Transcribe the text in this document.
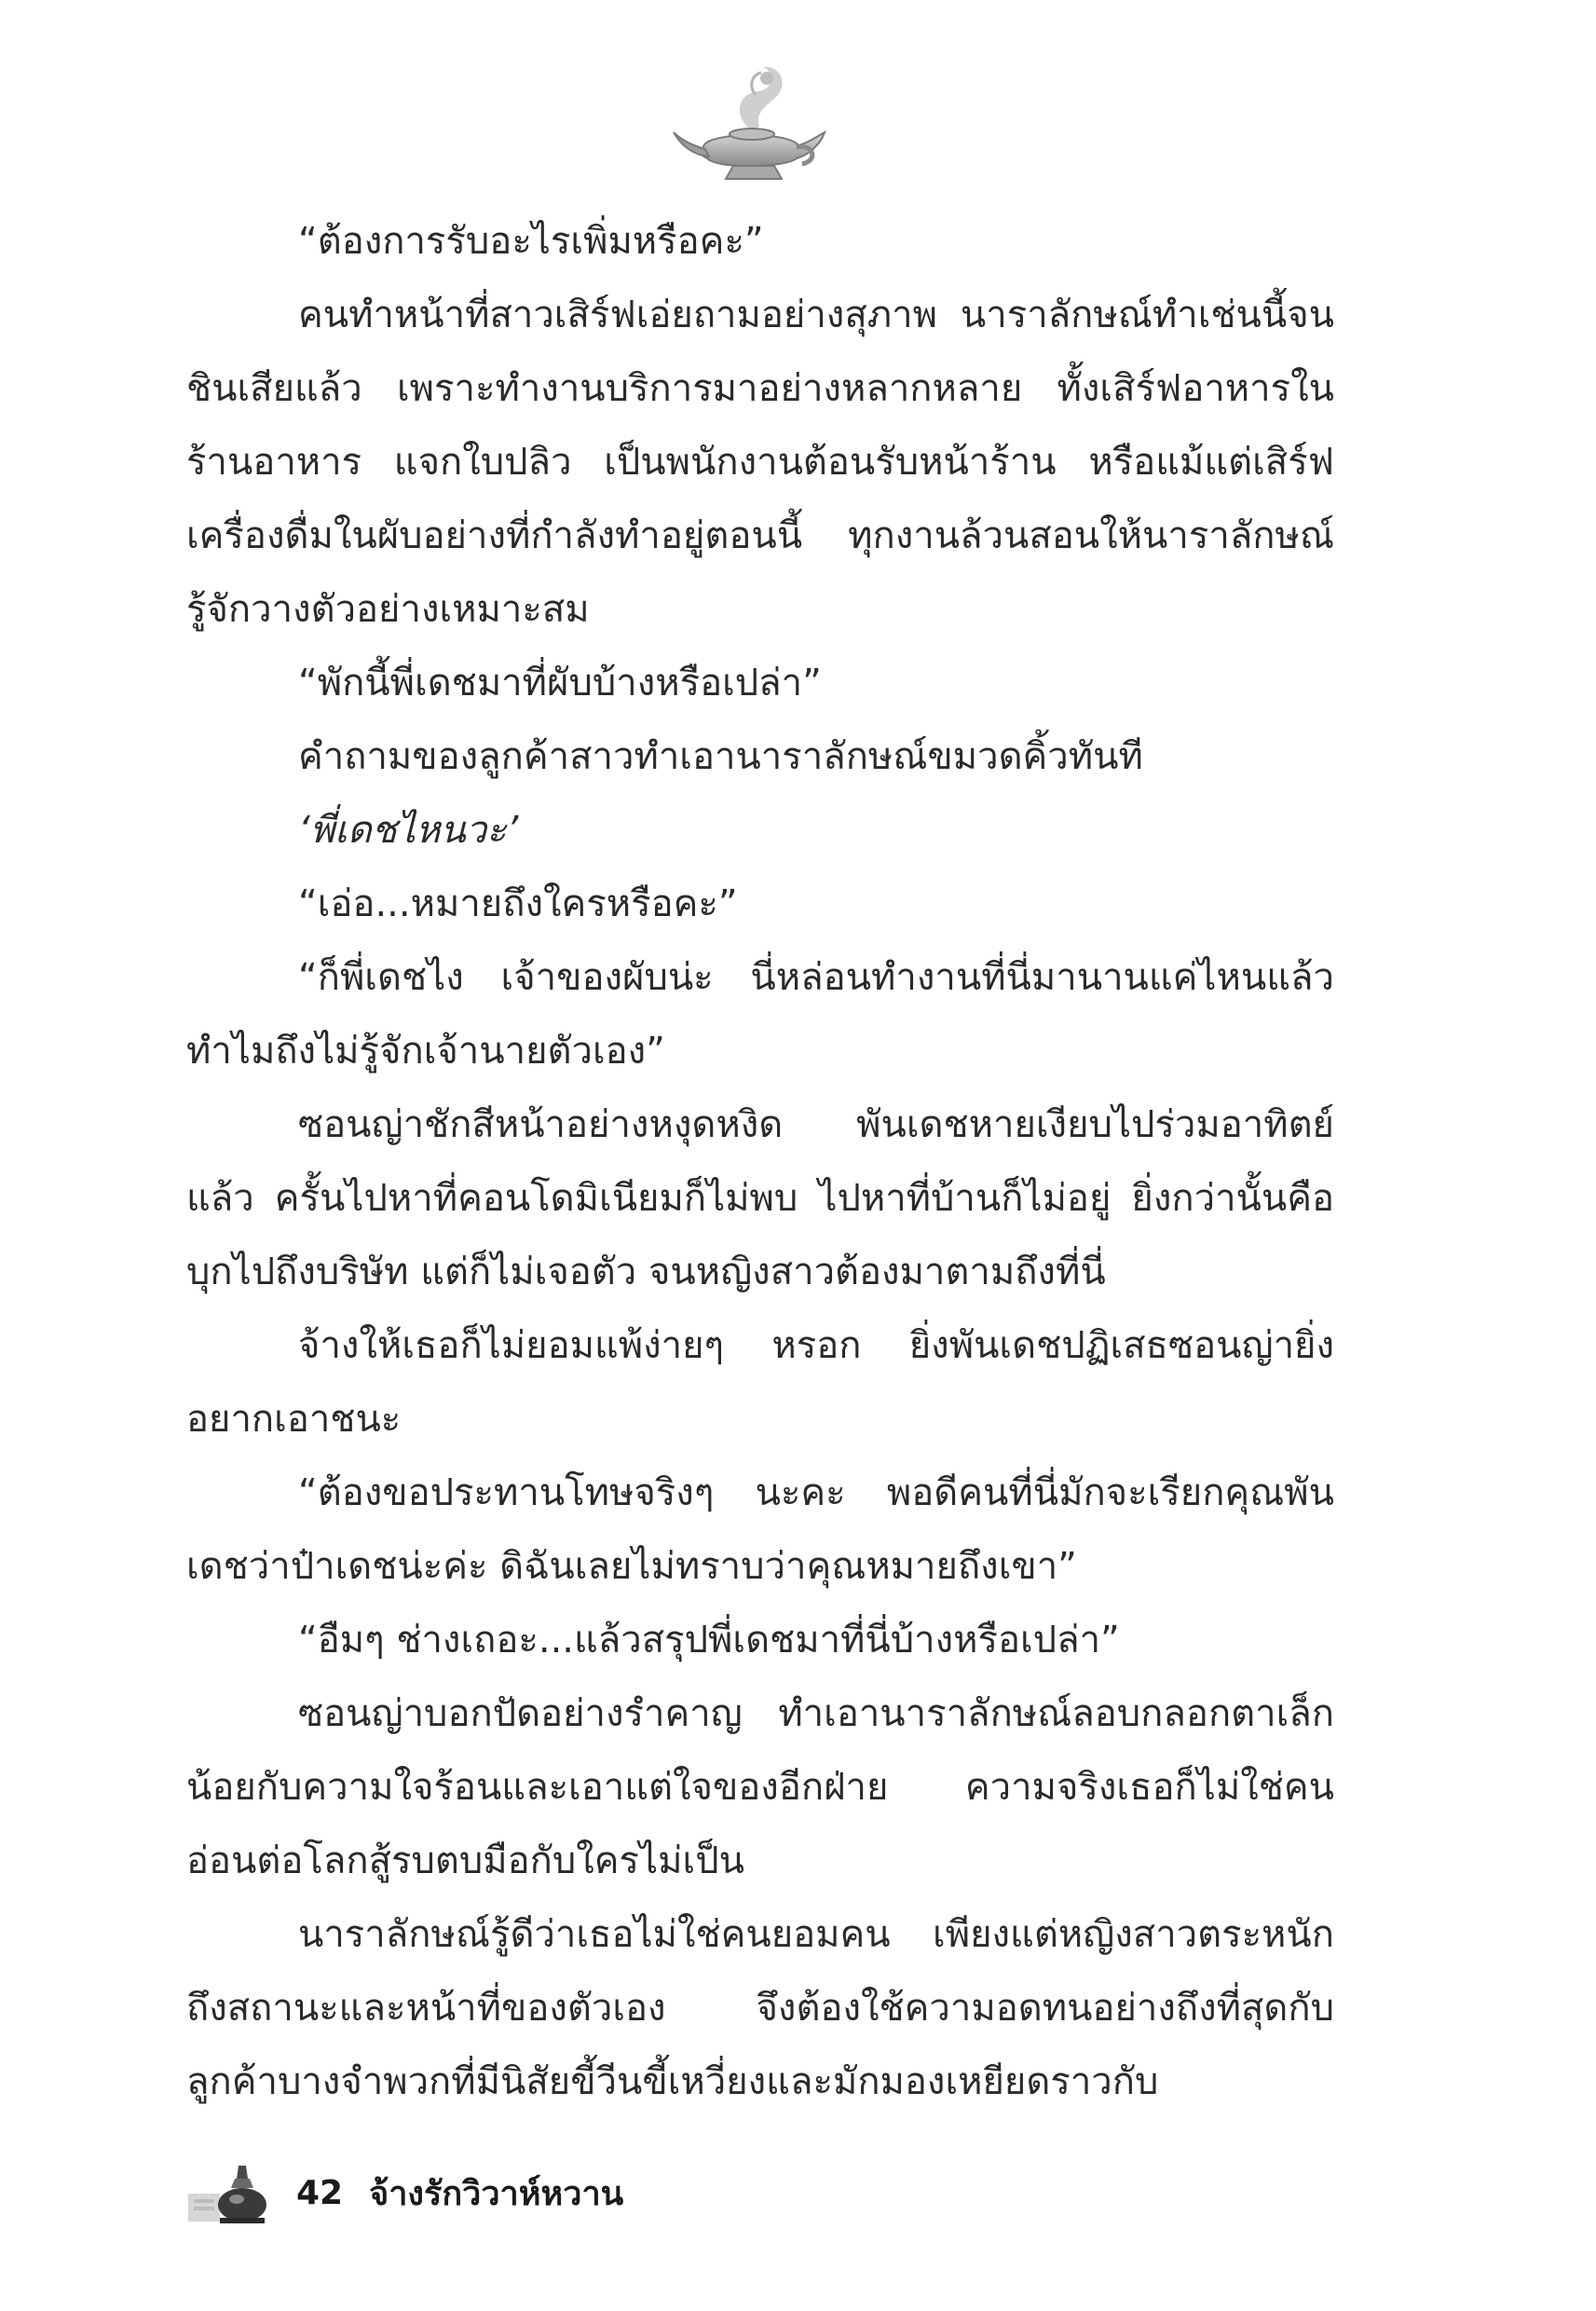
“ต้องการรับอะไรเพิ่มหรือคะ”

คนทำหน้าที่สาวเสิร์ฟเอ่ยถามอย่างสุภาพ นาราลักษณ์ทำเช่นนี้จนชินเสียแล้ว เพราะทำงานบริการมาอย่างหลากหลาย ทั้งเสิร์ฟอาหารในร้านอาหาร แจกใบปลิว เป็นพนักงานต้อนรับหน้าร้าน หรือแม้แต่เสิร์ฟเครื่องดื่มในผับอย่างที่กำลังทำอยู่ตอนนี้ ทุกงานล้วนสอนให้นาราลักษณ์รู้จักวางตัวอย่างเหมาะสม

“พักนี้พี่เดชมาที่ผับบ้างหรือเปล่า”

คำถามของลูกค้าสาวทำเอานาราลักษณ์ขมวดคิ้วทันที

‘พี่เดชไหนวะ’

“เอ่อ...หมายถึงใครหรือคะ”

“ก็พี่เดชไง เจ้าของผับน่ะ นี่หล่อนทำงานที่นี่มานานแค่ไหนแล้วทำไมถึงไม่รู้จักเจ้านายตัวเอง”

ซอนญ่าชักสีหน้าอย่างหงุดหงิด พันเดชหายเงียบไปร่วมอาทิตย์แล้ว ครั้นไปหาที่คอนโดมิเนียมก็ไม่พบ ไปหาที่บ้านก็ไม่อยู่ ยิ่งกว่านั้นคือบุกไปถึงบริษัท แต่ก็ไม่เจอตัว จนหญิงสาวต้องมาตามถึงที่นี่

จ้างให้เธอก็ไม่ยอมแพ้ง่ายๆ หรอก ยิ่งพันเดชปฏิเสธซอนญ่ายิ่งอยากเอาชนะ

“ต้องขอประทานโทษจริงๆ นะคะ พอดีคนที่นี่มักจะเรียกคุณพันเดชว่าป๋าเดชน่ะค่ะ ดิฉันเลยไม่ทราบว่าคุณหมายถึงเขา”

“อืมๆ ช่างเถอะ...แล้วสรุปพี่เดชมาที่นี่บ้างหรือเปล่า”

ซอนญ่าบอกปัดอย่างรำคาญ ทำเอานาราลักษณ์ลอบกลอกตาเล็กน้อยกับความใจร้อนและเอาแต่ใจของอีกฝ่าย ความจริงเธอก็ไม่ใช่คนอ่อนต่อโลกสู้รบตบมือกับใครไม่เป็น

นาราลักษณ์รู้ดีว่าเธอไม่ใช่คนยอมคน เพียงแต่หญิงสาวตระหนักถึงสถานะและหน้าที่ของตัวเอง จึงต้องใช้ความอดทนอย่างถึงที่สุดกับลูกค้าบางจำพวกที่มีนิสัยขี้วีนขี้เหวี่ยงและมักมองเหยียดราวกับ

42 จ้างรักวิวาห์หวาน
